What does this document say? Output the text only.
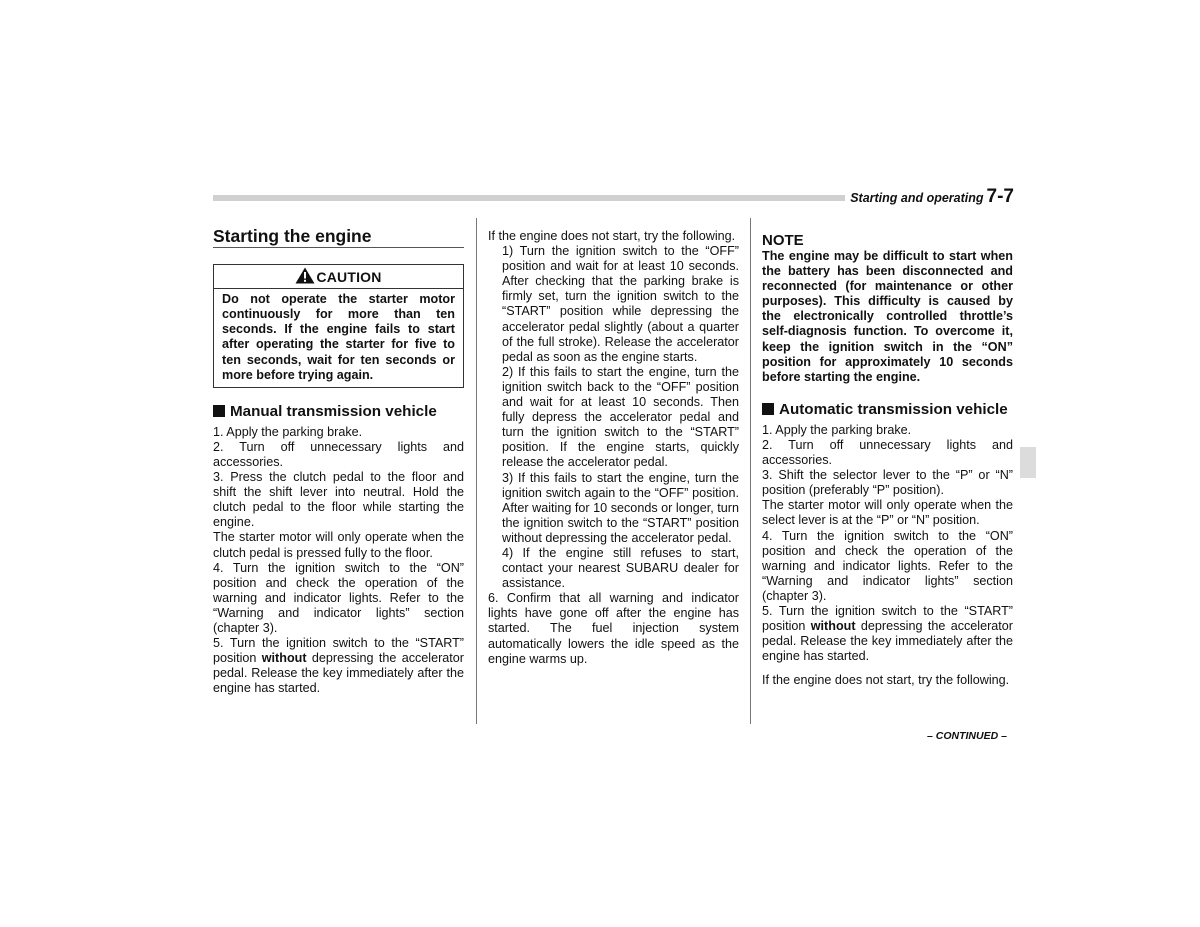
Starting and operating 7-7
Starting the engine
CAUTION
Do not operate the starter motor continuously for more than ten seconds. If the engine fails to start after operating the starter for five to ten seconds, wait for ten seconds or more before trying again.
Manual transmission vehicle

1. Apply the parking brake.

2. Turn off unnecessary lights and accessories.

3. Press the clutch pedal to the floor and shift the shift lever into neutral. Hold the clutch pedal to the floor while starting the engine.

The starter motor will only operate when the clutch pedal is pressed fully to the floor.

4. Turn the ignition switch to the “ON” position and check the operation of the warning and indicator lights. Refer to the “Warning and indicator lights” section (chapter 3).

5. Turn the ignition switch to the “START” position without depressing the accelerator pedal. Release the key immediately after the engine has started.

If the engine does not start, try the following.

1) Turn the ignition switch to the “OFF” position and wait for at least 10 seconds. After checking that the parking brake is firmly set, turn the ignition switch to the “START” position while depressing the accelerator pedal slightly (about a quarter of the full stroke). Release the accelerator pedal as soon as the engine starts.

2) If this fails to start the engine, turn the ignition switch back to the “OFF” position and wait for at least 10 seconds. Then fully depress the accelerator pedal and turn the ignition switch to the “START” position. If the engine starts, quickly release the accelerator pedal.

3) If this fails to start the engine, turn the ignition switch again to the “OFF” position. After waiting for 10 seconds or longer, turn the ignition switch to the “START” position without depressing the accelerator pedal.

4) If the engine still refuses to start, contact your nearest SUBARU dealer for assistance.

6. Confirm that all warning and indicator lights have gone off after the engine has started. The fuel injection system automatically lowers the idle speed as the engine warms up.

NOTE

The engine may be difficult to start when the battery has been disconnected and reconnected (for maintenance or other purposes). This difficulty is caused by the electronically controlled throttle’s self-diagnosis function. To overcome it, keep the ignition switch in the “ON” position for approximately 10 seconds before starting the engine.

Automatic transmission vehicle

1. Apply the parking brake.

2. Turn off unnecessary lights and accessories.

3. Shift the selector lever to the “P” or “N” position (preferably “P” position).

The starter motor will only operate when the select lever is at the “P” or “N” position.

4. Turn the ignition switch to the “ON” position and check the operation of the warning and indicator lights. Refer to the “Warning and indicator lights” section (chapter 3).

5. Turn the ignition switch to the “START” position without depressing the accelerator pedal. Release the key immediately after the engine has started.

If the engine does not start, try the following.

– CONTINUED –
